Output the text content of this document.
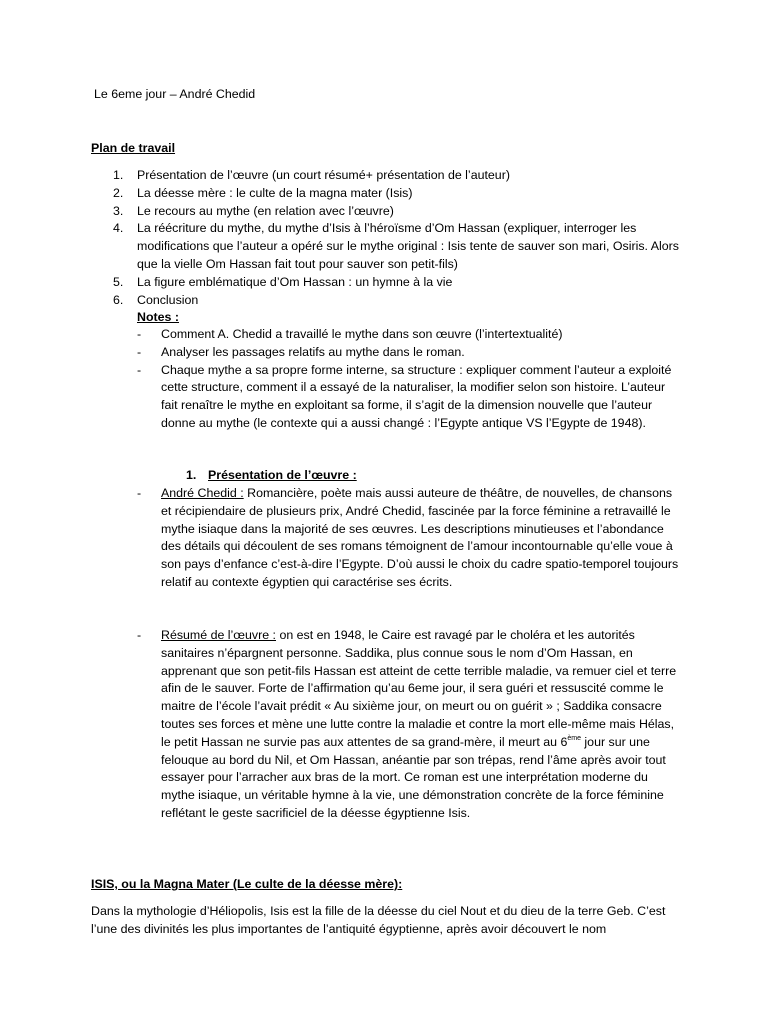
Le 6eme jour – André Chedid

Plan de travail

1.	Présentation de l’œuvre (un court résumé+ présentation de l’auteur)
2.	La déesse mère : le culte de la magna mater (Isis)
3.	Le recours au mythe (en relation avec l’œuvre)
4.	La réécriture du mythe, du mythe d’Isis à l’héroïsme d’Om Hassan (expliquer, interroger les modifications que l’auteur a opéré sur le mythe original : Isis tente de sauver son mari, Osiris. Alors que la vielle Om Hassan fait tout pour sauver son petit-fils)
5.	La figure emblématique d’Om Hassan : un hymne à la vie
6.	Conclusion

Notes :

-	Comment A. Chedid a travaillé le mythe dans son œuvre (l’intertextualité)
-	Analyser les passages relatifs au mythe dans le roman.
-	Chaque mythe a sa propre forme interne, sa structure : expliquer comment l’auteur a exploité cette structure, comment il a essayé de la naturaliser, la modifier selon son histoire. L’auteur fait renaître le mythe en exploitant sa forme, il s’agit de la dimension nouvelle que l’auteur donne au mythe (le contexte qui a aussi changé : l’Egypte antique VS l’Egypte de 1948).

1. Présentation de l’œuvre :

-	André Chedid : Romancière, poète mais aussi auteure de théâtre, de nouvelles, de chansons et récipiendaire de plusieurs prix, André Chedid, fascinée par la force féminine a retravaillé le mythe isiaque dans la majorité de ses œuvres. Les descriptions minutieuses et l’abondance des détails qui découlent de ses romans témoignent de l’amour incontournable qu’elle voue à son pays d’enfance c’est-à-dire l’Egypte. D’où aussi le choix du cadre spatio-temporel toujours relatif au contexte égyptien qui caractérise ses écrits.
-	Résumé de l’œuvre : on est en 1948, le Caire est ravagé par le choléra et les autorités sanitaires n’épargnent personne. Saddika, plus connue sous le nom d’Om Hassan, en apprenant que son petit-fils Hassan est atteint de cette terrible maladie, va remuer ciel et terre afin de le sauver. Forte de l’affirmation qu’au 6eme jour, il sera guéri et ressuscité comme le maitre de l’école l’avait prédit « Au sixième jour, on meurt ou on guérit » ; Saddika consacre toutes ses forces et mène une lutte contre la maladie et contre la mort elle-même mais Hélas, le petit Hassan ne survie pas aux attentes de sa grand-mère, il meurt au 6ème jour sur une felouque au bord du Nil, et Om Hassan, anéantie par son trépas, rend l’âme après avoir tout essayer pour l’arracher aux bras de la mort. Ce roman est une interprétation moderne du mythe isiaque, un véritable hymne à la vie, une démonstration concrète de la force féminine reflétant le geste sacrificiel de la déesse égyptienne Isis.

ISIS, ou la Magna Mater (Le culte de la déesse mère):

Dans la mythologie d’Héliopolis, Isis est la fille de la déesse du ciel Nout et du dieu de la terre Geb. C’est l’une des divinités les plus importantes de l’antiquité égyptienne, après avoir découvert le nom
